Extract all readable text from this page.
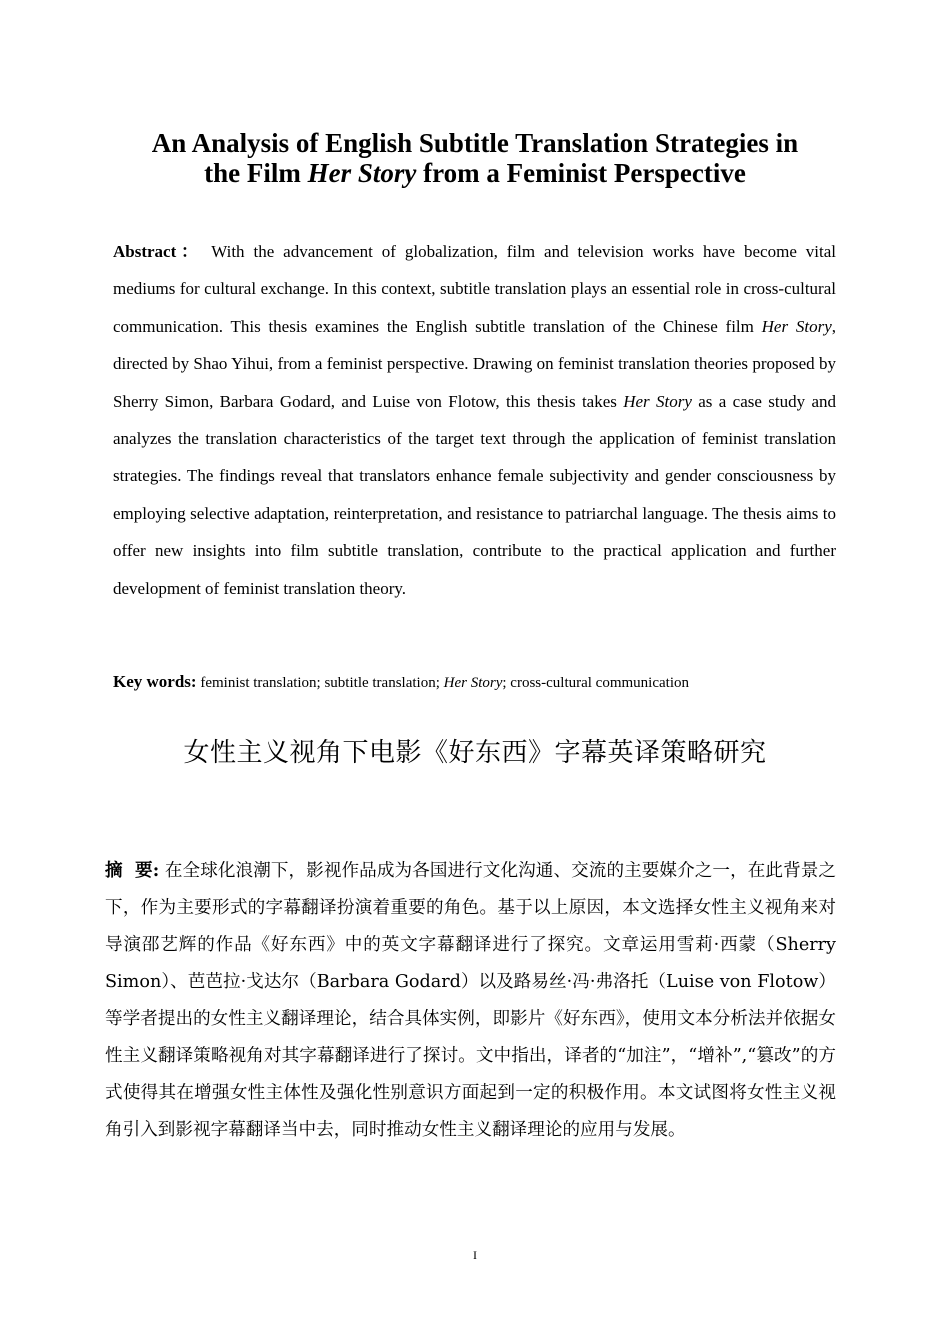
An Analysis of English Subtitle Translation Strategies in
the Film Her Story from a Feminist Perspective
Abstract： With the advancement of globalization, film and television works have become vital mediums for cultural exchange. In this context, subtitle translation plays an essential role in cross-cultural communication. This thesis examines the English subtitle translation of the Chinese film Her Story, directed by Shao Yihui, from a feminist perspective. Drawing on feminist translation theories proposed by Sherry Simon, Barbara Godard, and Luise von Flotow, this thesis takes Her Story as a case study and analyzes the translation characteristics of the target text through the application of feminist translation strategies. The findings reveal that translators enhance female subjectivity and gender consciousness by employing selective adaptation, reinterpretation, and resistance to patriarchal language. The thesis aims to offer new insights into film subtitle translation, contribute to the practical application and further development of feminist translation theory.
Key words: feminist translation; subtitle translation; Her Story; cross-cultural communication
女性主义视角下电影《好东西》字幕英译策略研究
摘  要: 在全球化浪潮下，影视作品成为各国进行文化沟通、交流的主要媒介之一，在此背景之下，作为主要形式的字幕翻译扮演着重要的角色。基于以上原因，本文选择女性主义视角来对导演邵艺辉的作品《好东西》中的英文字幕翻译进行了探究。文章运用雪莉·西蒙（Sherry Simon）、芭芭拉·戈达尔（Barbara Godard）以及路易丝·冯·弗洛托（Luise von Flotow）等学者提出的女性主义翻译理论，结合具体实例，即影片《好东西》，使用文本分析法并依据女性主义翻译策略视角对其字幕翻译进行了探讨。文中指出，译者的“加注”，“增补”,“篡改”的方式使得其在增强女性主体性及强化性别意识方面起到一定的积极作用。本文试图将女性主义视角引入到影视字幕翻译当中去，同时推动女性主义翻译理论的应用与发展。
I
